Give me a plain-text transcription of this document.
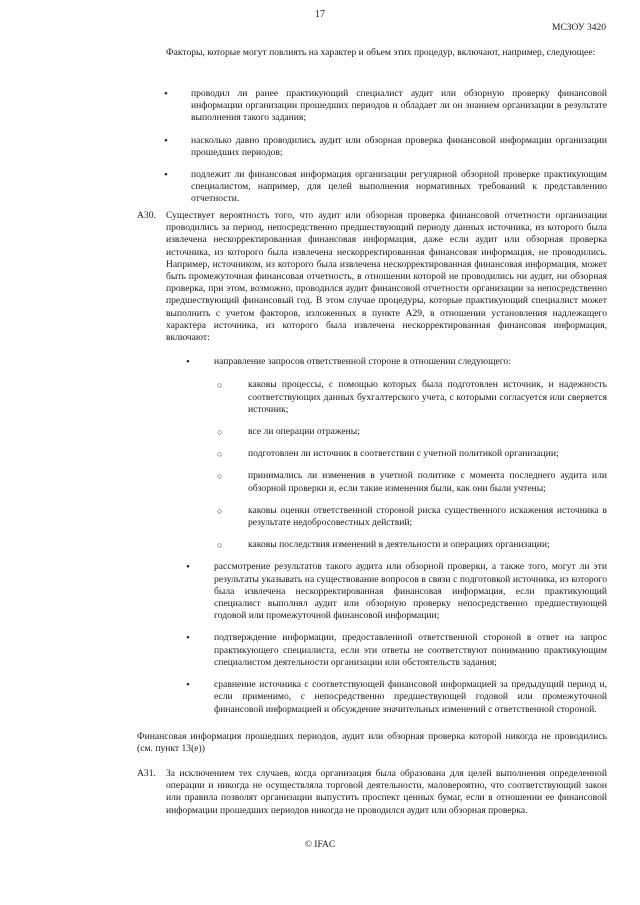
17
МСЗОУ 3420

Факторы, которые могут повлиять на характер и объем этих процедур, включают, например, следующее:

• проводил ли ранее практикующий специалист аудит или обзорную проверку финансовой информации организации прошедших периодов и обладает ли он знанием организации в результате выполнения такого задания;
• насколько давно проводились аудит или обзорная проверка финансовой информации организации прошедших периодов;
• подлежит ли финансовая информация организации регулярной обзорной проверке практикующим специалистом, например, для целей выполнения нормативных требований к представлению отчетности.
А30.	Существует вероятность того, что аудит или обзорная проверка финансовой отчетности организации проводились за период, непосредственно предшествующий периоду данных источника, из которого была извлечена нескорректированная финансовая информация, даже если аудит или обзорная проверка источника, из которого была извлечена нескорректированная финансовая информация, не проводились. Например, источником, из которого была извлечена нескорректированная финансовая информация, может быть промежуточная финансовая отчетность, в отношении которой не проводились ни аудит, ни обзорная проверка, при этом, возможно, проводился аудит финансовой отчетности организации за непосредственно предшествующий финансовый год. В этом случае процедуры, которые практикующий специалист может выполнить с учетом факторов, изложенных в пункте А29, в отношении установления надлежащего характера источника, из которого была извлечена нескорректированная финансовая информация, включают:

• направление запросов ответственной стороне в отношении следующего:
○ каковы процессы, с помощью которых была подготовлен источник, и надежность соответствующих данных бухгалтерского учета, с которыми согласуется или сверяется источник;
○ все ли операции отражены;
○ подготовлен ли источник в соответствии с учетной политикой организации;
○ принимались ли изменения в учетной политике с момента последнего аудита или обзорной проверки и, если такие изменения были, как они были учтены;
○ каковы оценки ответственной стороной риска существенного искажения источника в результате недобросовестных действий;
○ каковы последствия изменений в деятельности и операциях организации;
• рассмотрение результатов такого аудита или обзорной проверки, а также того, могут ли эти результаты указывать на существование вопросов в связи с подготовкой источника, из которого была извлечена нескорректированная финансовая информация, если практикующий специалист выполнял аудит или обзорную проверку непосредственно предшествующей годовой или промежуточной финансовой информации;
• подтверждение информации, предоставленной ответственной стороной в ответ на запрос практикующего специалиста, если эти ответы не соответствуют пониманию практикующим специалистом деятельности организации или обстоятельств задания;
• сравнение источника с соответствующей финансовой информацией за предыдущий период и, если применимо, с непосредственно предшествующей годовой или промежуточной финансовой информацией и обсуждение значительных изменений с ответственной стороной.

Финансовая информация прошедших периодов, аудит или обзорная проверка которой никогда не проводились (см. пункт 13(е))

А31.	За исключением тех случаев, когда организация была образована для целей выполнения определенной операции и никогда не осуществляла торговой деятельности, маловероятно, что соответствующий закон или правила позволят организации выпустить проспект ценных бумаг, если в отношении ее финансовой информации прошедших периодов никогда не проводился аудит или обзорная проверка.

© IFAC
